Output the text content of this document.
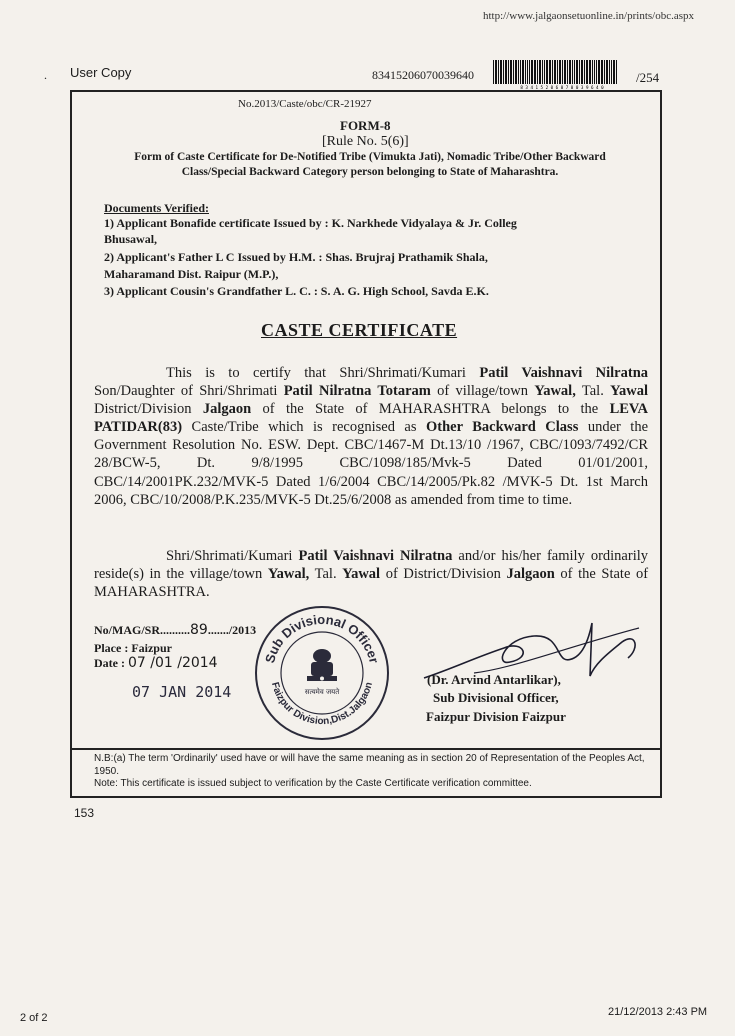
http://www.jalgaonsetuonline.in/prints/obc.aspx
. User Copy	83415206070039640
8 3 4 1 5 2 0 6 0 7 0 0 3 9 6 4 0
/254
No.2013/Caste/obc/CR-21927
FORM-8
[Rule No. 5(6)]
Form of Caste Certificate for De-Notified Tribe (Vimukta Jati), Nomadic Tribe/Other Backward
Class/Special Backward Category person belonging to State of Maharashtra.
Documents Verified:
1) Applicant Bonafide certificate Issued by : K. Narkhede Vidyalaya & Jr. Colleg
Bhusawal,
2) Applicant's Father L C Issued by H.M. : Shas. Brujraj Prathamik Shala,
Maharamand Dist. Raipur (M.P.),
3) Applicant Cousin's Grandfather L. C. : S. A. G. High School, Savda E.K.
CASTE CERTIFICATE
This is to certify that Shri/Shrimati/Kumari Patil Vaishnavi Nilratna Son/Daughter of Shri/Shrimati Patil Nilratna Totaram of village/town Yawal, Tal. Yawal District/Division Jalgaon of the State of MAHARASHTRA belongs to the LEVA PATIDAR(83) Caste/Tribe which is recognised as Other Backward Class under the Government Resolution No. ESW. Dept. CBC/1467-M Dt.13/10 /1967, CBC/1093/7492/CR 28/BCW-5, Dt. 9/8/1995 CBC/1098/185/Mvk-5 Dated 01/01/2001, CBC/14/2001PK.232/MVK-5 Dated 1/6/2004 CBC/14/2005/Pk.82 /MVK-5 Dt. 1st March 2006, CBC/10/2008/P.K.235/MVK-5 Dt.25/6/2008 as amended from time to time.
Shri/Shrimati/Kumari Patil Vaishnavi Nilratna and/or his/her family ordinarily reside(s) in the village/town Yawal, Tal. Yawal of District/Division Jalgaon of the State of MAHARASHTRA.
No/MAG/SR..........89......./2013
Place : Faizpur
Date : 07 /01 /2014
07 JAN 2014
Sub Divisional Officer
Faizpur Division,Dist.Jalgaon
सत्यमेव जयते
(Dr. Arvind Antarlikar),
Sub Divisional Officer,
Faizpur Division Faizpur
N.B:(a) The term 'Ordinarily' used have or will have the same meaning as in section 20 of Representation of the Peoples Act,
1950.
Note: This certificate is issued subject to verification by the Caste Certificate verification committee.
153
2 of 2	21/12/2013 2:43 PM
